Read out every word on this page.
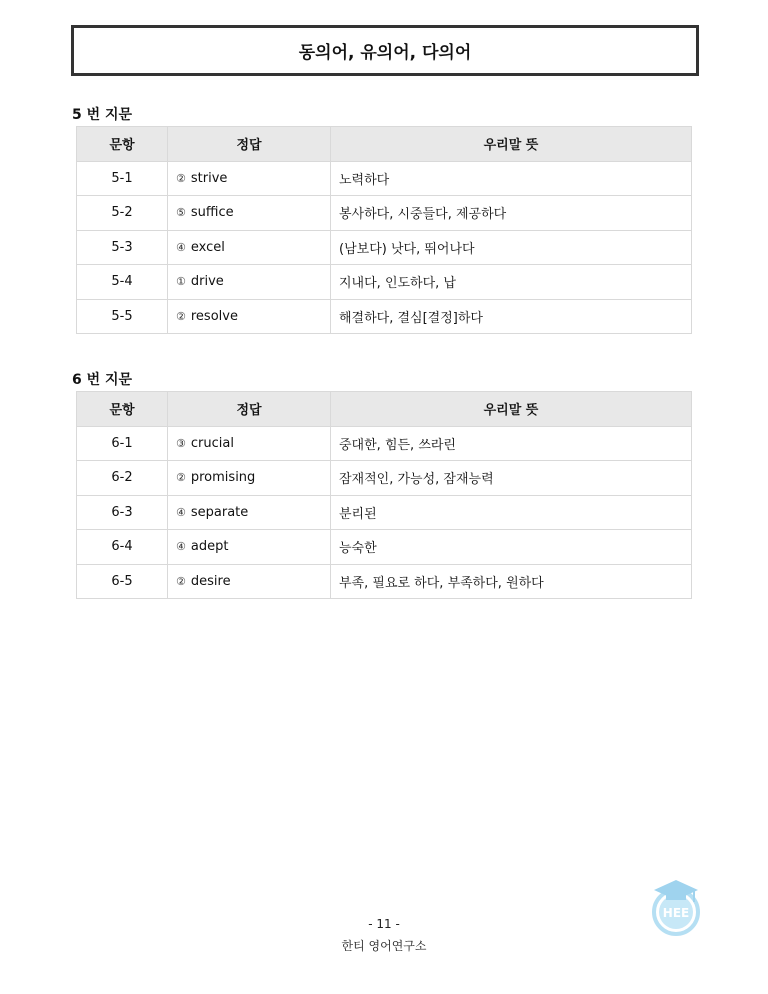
동의어, 유의어, 다의어
5 번 지문
문항	정답	우리말 뜻
5-1	② strive	노력하다
5-2	⑤ suffice	봉사하다, 시중들다, 제공하다
5-3	④ excel	(남보다) 낫다, 뛰어나다
5-4	① drive	지내다, 인도하다, 납
5-5	② resolve	해결하다, 결심[결정]하다
6 번 지문
문항	정답	우리말 뜻
6-1	③ crucial	중대한, 힘든, 쓰라린
6-2	② promising	잠재적인, 가능성, 잠재능력
6-3	④ separate	분리된
6-4	④ adept	능숙한
6-5	② desire	부족, 필요로 하다, 부족하다, 원하다
HEE
- 11 -
한티 영어연구소
